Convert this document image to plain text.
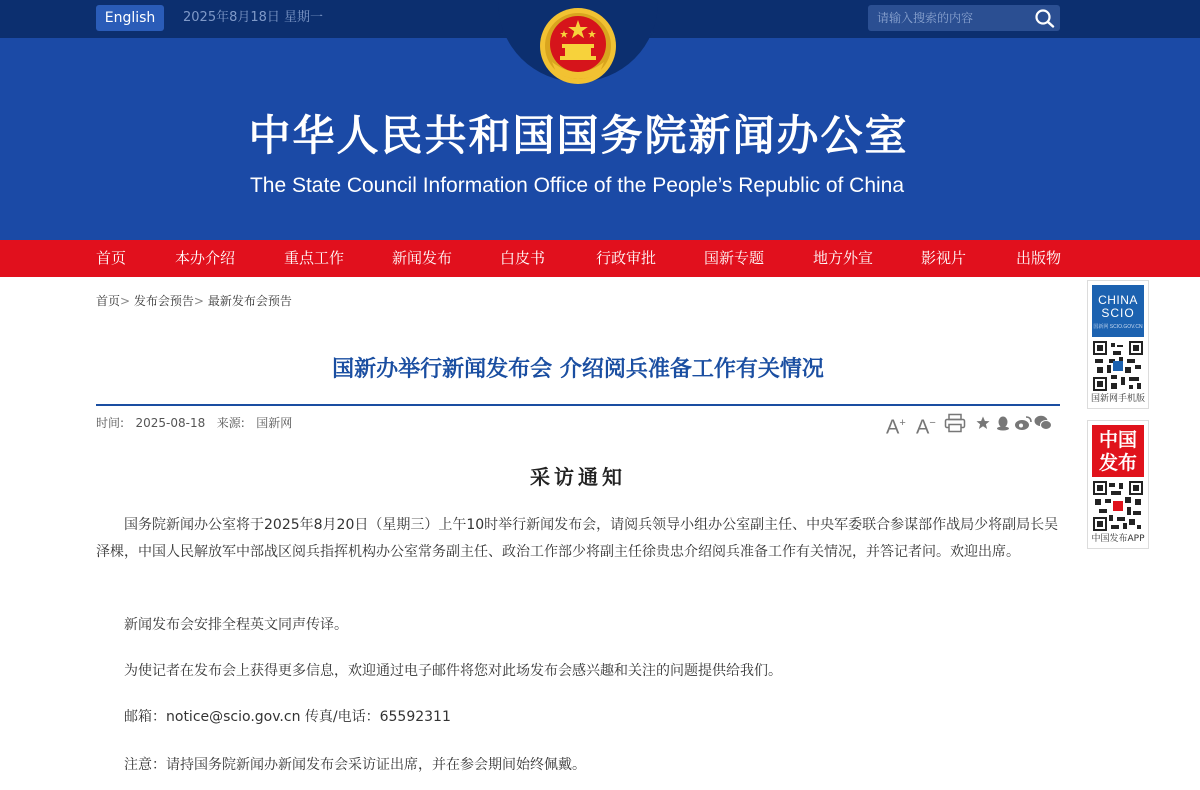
English	2025年8月18日 星期一
请输入搜索的内容
中华人民共和国国务院新闻办公室
The State Council Information Office of the People’s Republic of China
首页	本办介绍	重点工作	新闻发布	白皮书	行政审批	国新专题	地方外宣	影视片	出版物
首页> 发布会预告> 最新发布会预告
国新办举行新闻发布会 介绍阅兵准备工作有关情况
时间: 2025-08-18 来源: 国新网	A+ A−
采访通知
国务院新闻办公室将于2025年8月20日（星期三）上午10时举行新闻发布会，请阅兵领导小组办公室副主任、中央军委联合参谋部作战局少将副局长吴泽棵，中国人民解放军中部战区阅兵指挥机构办公室常务副主任、政治工作部少将副主任徐贵忠介绍阅兵准备工作有关情况，并答记者问。欢迎出席。
新闻发布会安排全程英文同声传译。
为使记者在发布会上获得更多信息，欢迎通过电子邮件将您对此场发布会感兴趣和关注的问题提供给我们。
邮箱：notice@scio.gov.cn 传真/电话：65592311
注意：请持国务院新闻办新闻发布会采访证出席，并在参会期间始终佩戴。
CHINA
SCIO
国新网 SCIO.GOV.CN
国新网手机版
中国
发布
中国发布APP
